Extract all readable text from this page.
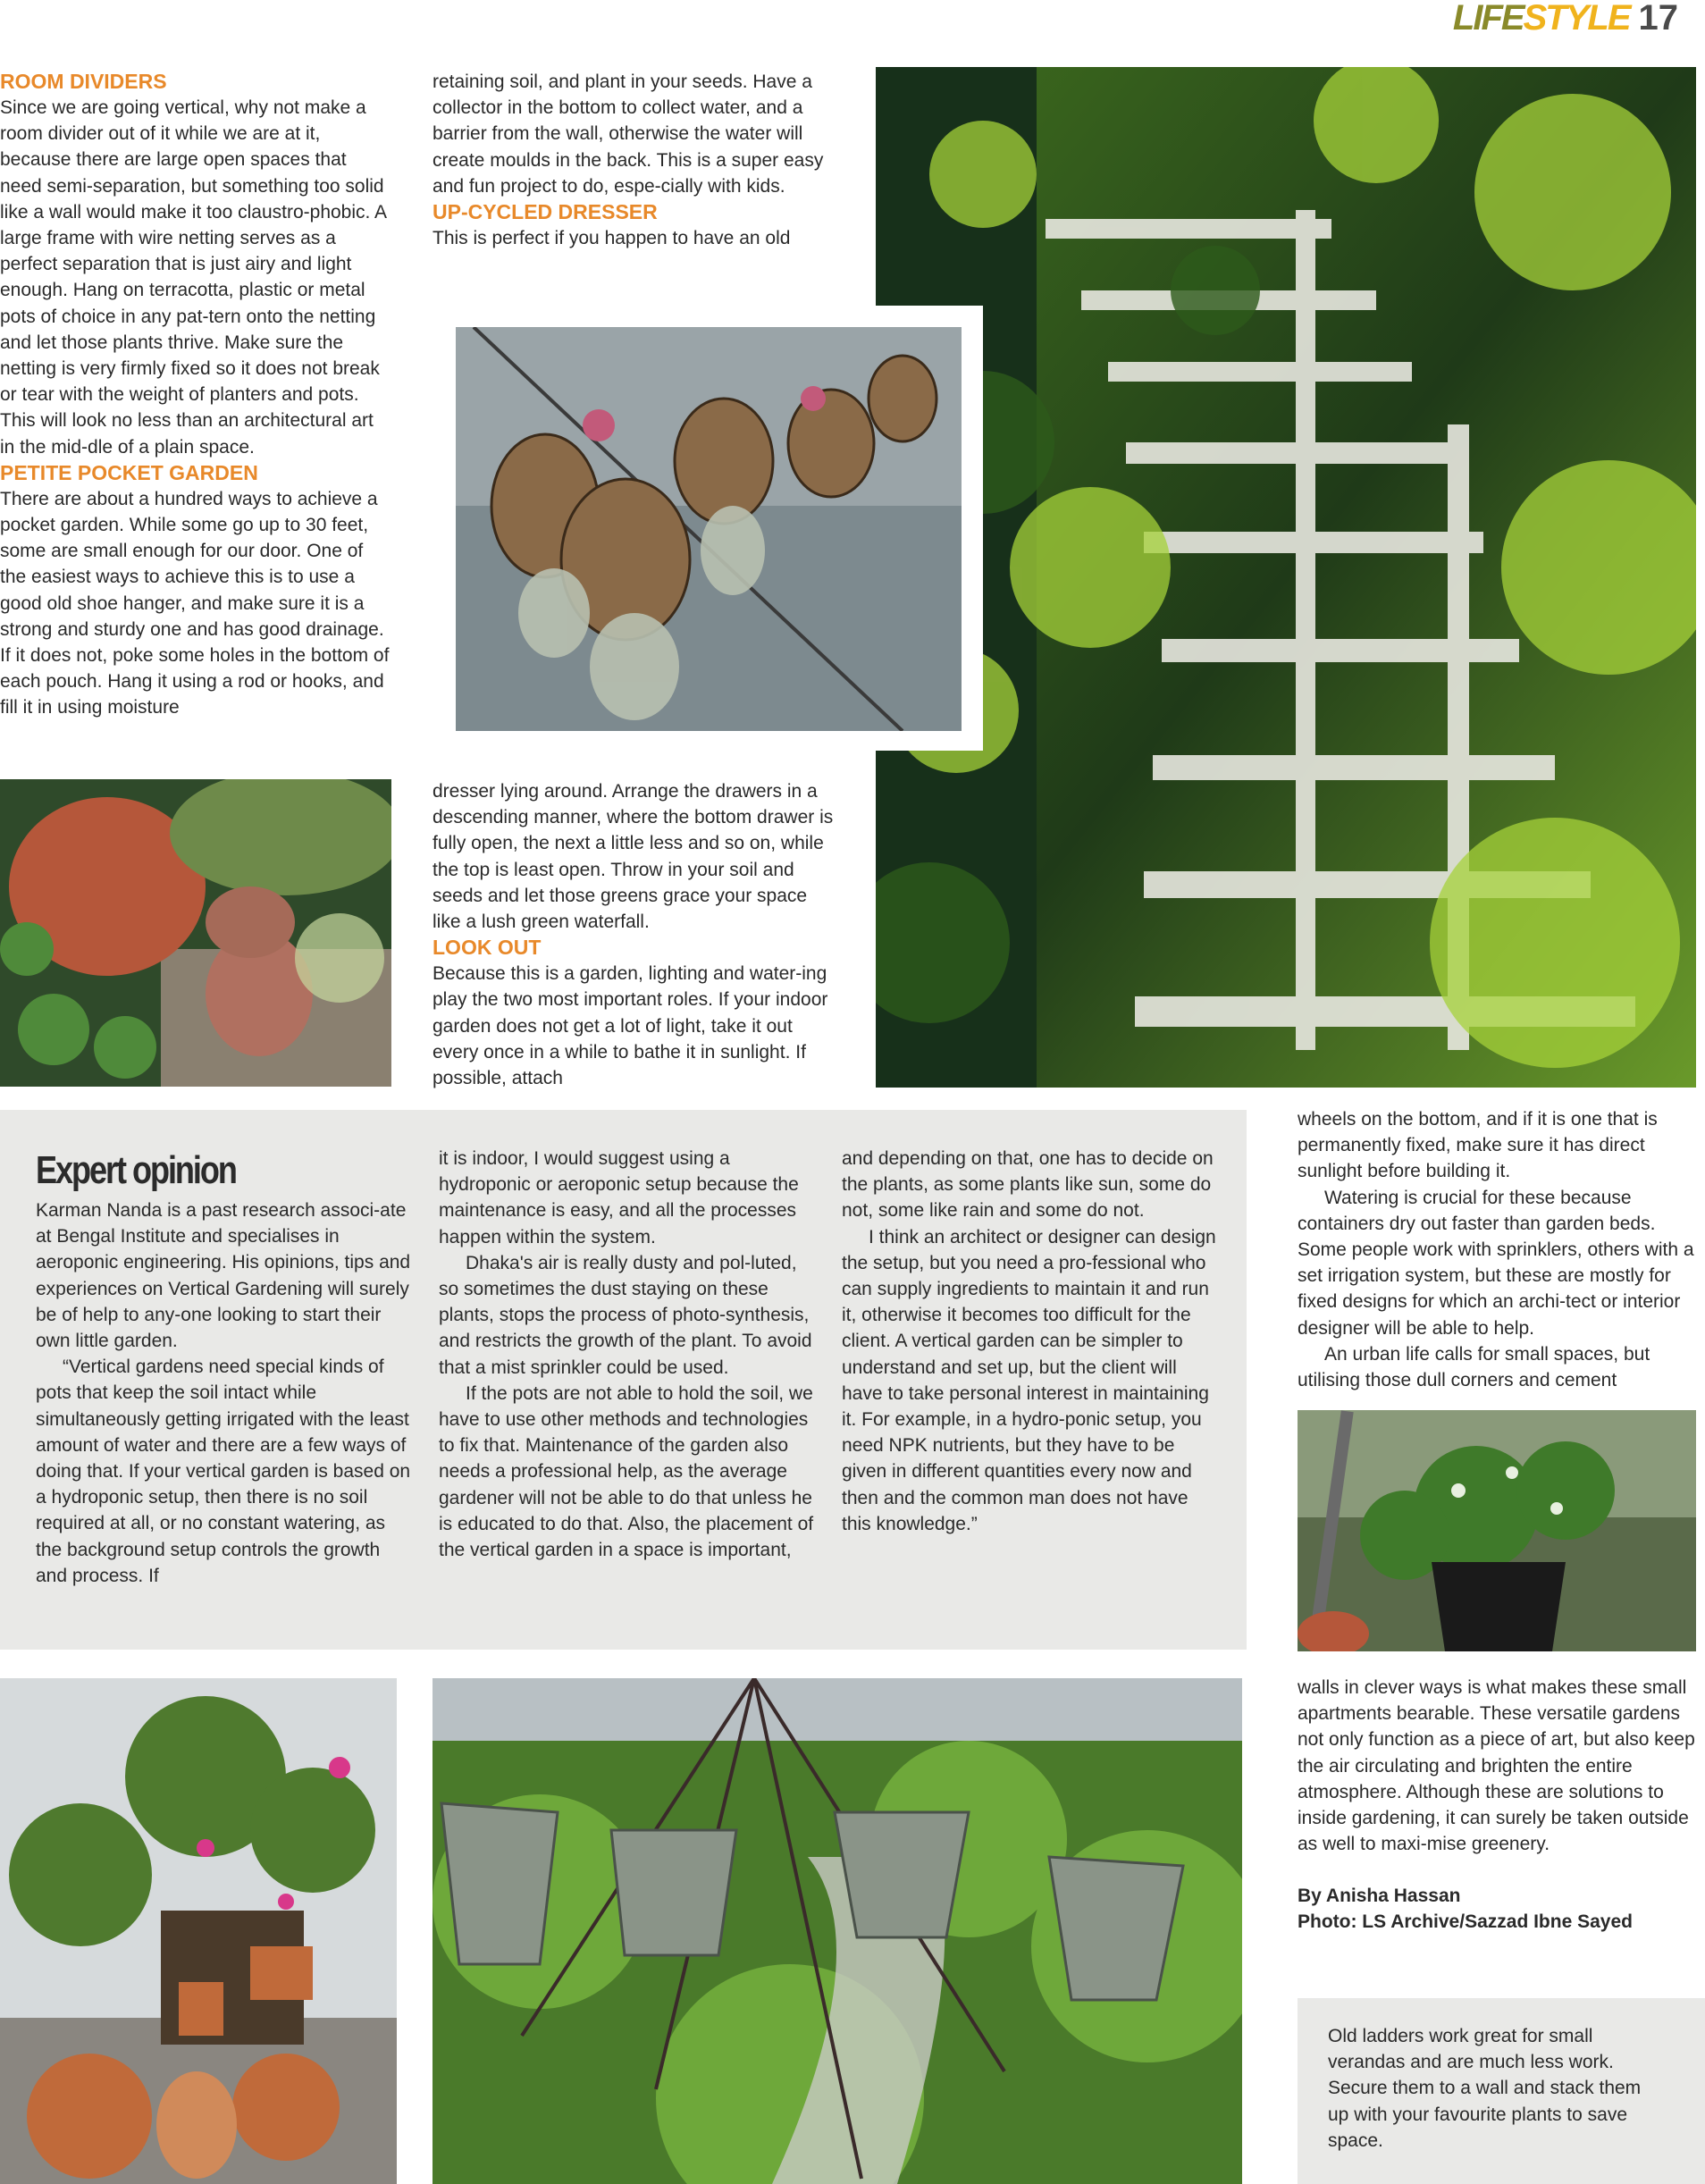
LIFESTYLE 17
ROOM DIVIDERS

Since we are going vertical, why not make a room divider out of it while we are at it, because there are large open spaces that need semi-separation, but something too solid like a wall would make it too claustro-phobic. A large frame with wire netting serves as a perfect separation that is just airy and light enough. Hang on terracotta, plastic or metal pots of choice in any pat-tern onto the netting and let those plants thrive. Make sure the netting is very firmly fixed so it does not break or tear with the weight of planters and pots. This will look no less than an architectural art in the mid-dle of a plain space.

PETITE POCKET GARDEN

There are about a hundred ways to achieve a pocket garden. While some go up to 30 feet, some are small enough for our door. One of the easiest ways to achieve this is to use a good old shoe hanger, and make sure it is a strong and sturdy one and has good drainage. If it does not, poke some holes in the bottom of each pouch. Hang it using a rod or hooks, and fill it in using moisture

retaining soil, and plant in your seeds. Have a collector in the bottom to collect water, and a barrier from the wall, otherwise the water will create moulds in the back. This is a super easy and fun project to do, espe-cially with kids.

UP-CYCLED DRESSER

This is perfect if you happen to have an old

dresser lying around. Arrange the drawers in a descending manner, where the bottom drawer is fully open, the next a little less and so on, while the top is least open. Throw in your soil and seeds and let those greens grace your space like a lush green waterfall.

LOOK OUT

Because this is a garden, lighting and water-ing play the two most important roles. If your indoor garden does not get a lot of light, take it out every once in a while to bathe it in sunlight. If possible, attach

Expert opinion

Karman Nanda is a past research associ-ate at Bengal Institute and specialises in aeroponic engineering. His opinions, tips and experiences on Vertical Gardening will surely be of help to any-one looking to start their own little garden.

“Vertical gardens need special kinds of pots that keep the soil intact while simultaneously getting irrigated with the least amount of water and there are a few ways of doing that. If your vertical garden is based on a hydroponic setup, then there is no soil required at all, or no constant watering, as the background setup controls the growth and process. If

it is indoor, I would suggest using a hydroponic or aeroponic setup because the maintenance is easy, and all the processes happen within the system.

Dhaka's air is really dusty and pol-luted, so sometimes the dust staying on these plants, stops the process of photo-synthesis, and restricts the growth of the plant. To avoid that a mist sprinkler could be used.

If the pots are not able to hold the soil, we have to use other methods and technologies to fix that. Maintenance of the garden also needs a professional help, as the average gardener will not be able to do that unless he is educated to do that. Also, the placement of the vertical garden in a space is important,

and depending on that, one has to decide on the plants, as some plants like sun, some do not, some like rain and some do not.

I think an architect or designer can design the setup, but you need a pro-fessional who can supply ingredients to maintain it and run it, otherwise it becomes too difficult for the client. A vertical garden can be simpler to understand and set up, but the client will have to take personal interest in maintaining it. For example, in a hydro-ponic setup, you need NPK nutrients, but they have to be given in different quantities every now and then and the common man does not have this knowledge.”

wheels on the bottom, and if it is one that is permanently fixed, make sure it has direct sunlight before building it.

Watering is crucial for these because containers dry out faster than garden beds. Some people work with sprinklers, others with a set irrigation system, but these are mostly for fixed designs for which an archi-tect or interior designer will be able to help.

An urban life calls for small spaces, but utilising those dull corners and cement

walls in clever ways is what makes these small apartments bearable. These versatile gardens not only function as a piece of art, but also keep the air circulating and brighten the entire atmosphere. Although these are solutions to inside gardening, it can surely be taken outside as well to maxi-mise greenery.

By Anisha Hassan
Photo: LS Archive/Sazzad Ibne Sayed
Old ladders work great for small verandas and are much less work. Secure them to a wall and stack them up with your favourite plants to save space.
